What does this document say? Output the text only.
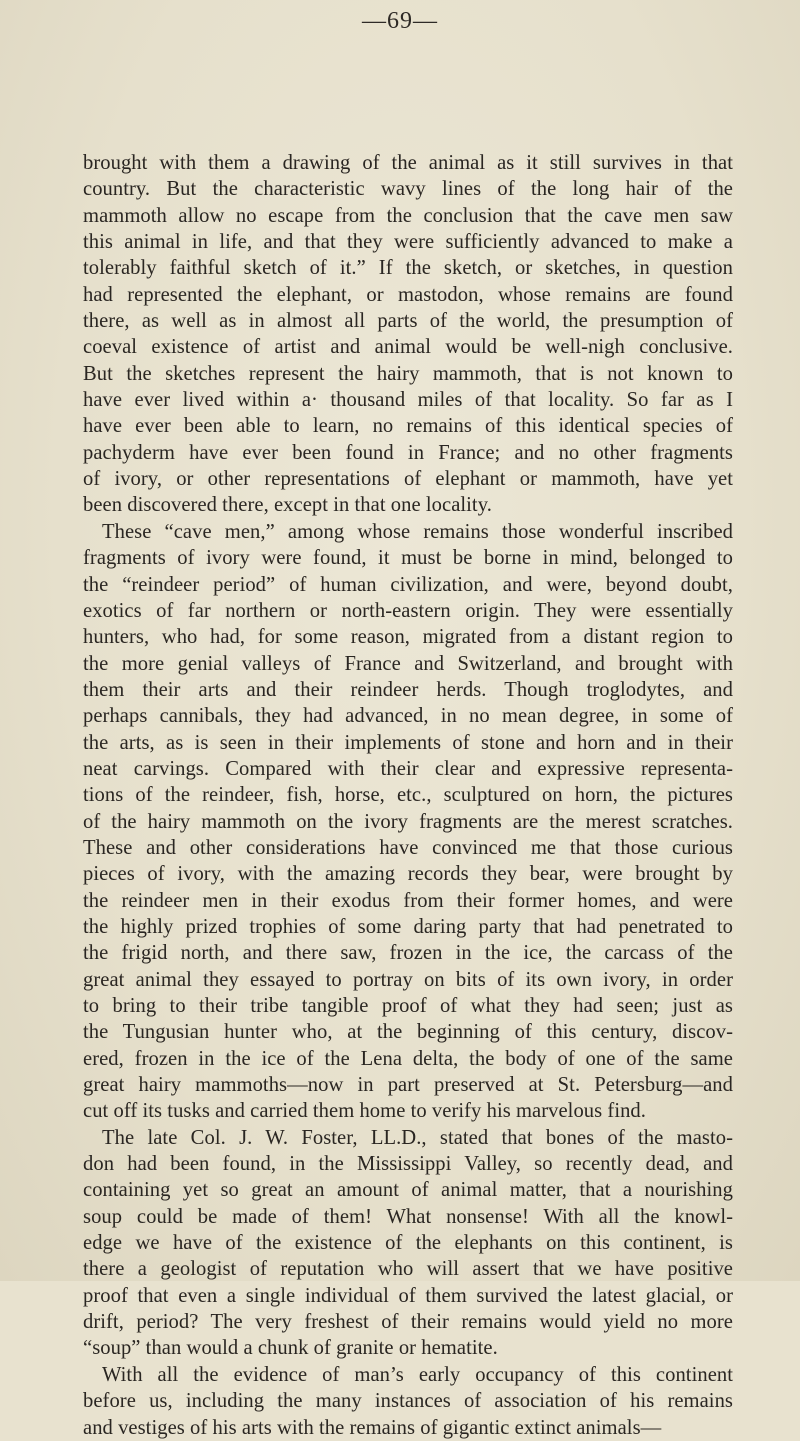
—69—
brought with them a drawing of the animal as it still survives in that
country. But the characteristic wavy lines of the long hair of the
mammoth allow no escape from the conclusion that the cave men saw
this animal in life, and that they were sufficiently advanced to make a
tolerably faithful sketch of it.” If the sketch, or sketches, in question
had represented the elephant, or mastodon, whose remains are found
there, as well as in almost all parts of the world, the presumption of
coeval existence of artist and animal would be well-nigh conclusive.
But the sketches represent the hairy mammoth, that is not known to
have ever lived within a· thousand miles of that locality. So far as I
have ever been able to learn, no remains of this identical species of
pachyderm have ever been found in France; and no other fragments
of ivory, or other representations of elephant or mammoth, have yet
been discovered there, except in that one locality.
These “cave men,” among whose remains those wonderful inscribed
fragments of ivory were found, it must be borne in mind, belonged to
the “reindeer period” of human civilization, and were, beyond doubt,
exotics of far northern or north-eastern origin. They were essentially
hunters, who had, for some reason, migrated from a distant region to
the more genial valleys of France and Switzerland, and brought with
them their arts and their reindeer herds. Though troglodytes, and
perhaps cannibals, they had advanced, in no mean degree, in some of
the arts, as is seen in their implements of stone and horn and in their
neat carvings. Compared with their clear and expressive representa-
tions of the reindeer, fish, horse, etc., sculptured on horn, the pictures
of the hairy mammoth on the ivory fragments are the merest scratches.
These and other considerations have convinced me that those curious
pieces of ivory, with the amazing records they bear, were brought by
the reindeer men in their exodus from their former homes, and were
the highly prized trophies of some daring party that had penetrated to
the frigid north, and there saw, frozen in the ice, the carcass of the
great animal they essayed to portray on bits of its own ivory, in order
to bring to their tribe tangible proof of what they had seen; just as
the Tungusian hunter who, at the beginning of this century, discov-
ered, frozen in the ice of the Lena delta, the body of one of the same
great hairy mammoths—now in part preserved at St. Petersburg—and
cut off its tusks and carried them home to verify his marvelous find.
The late Col. J. W. Foster, LL.D., stated that bones of the masto-
don had been found, in the Mississippi Valley, so recently dead, and
containing yet so great an amount of animal matter, that a nourishing
soup could be made of them! What nonsense! With all the knowl-
edge we have of the existence of the elephants on this continent, is
there a geologist of reputation who will assert that we have positive
proof that even a single individual of them survived the latest glacial, or
drift, period? The very freshest of their remains would yield no more
“soup” than would a chunk of granite or hematite.
With all the evidence of man’s early occupancy of this continent
before us, including the many instances of association of his remains
and vestiges of his arts with the remains of gigantic extinct animals—
